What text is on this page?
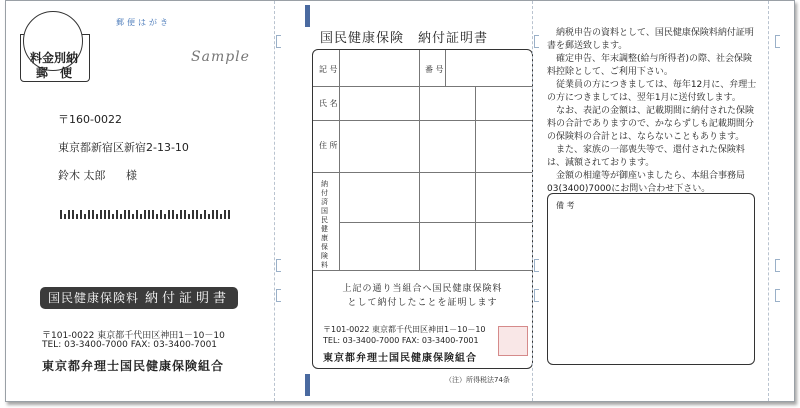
料金別納
郵　便
郵便はがき
Sample
〒160-0022
東京都新宿区新宿2-13-10
鈴木 太郎 様
国民健康保険料 納付証明書
〒101-0022 東京都千代田区神田1－10－10
TEL: 03-3400-7000 FAX: 03-3400-7001
東京都弁理士国民健康保険組合
国民健康保険　納付証明書
記 号	番 号
氏 名
住 所
納付済国民健康保険料
上記の通り当組合へ国民健康保険料
として納付したことを証明します
〒101-0022 東京都千代田区神田1－10－10
TEL: 03-3400-7000 FAX: 03-3400-7001
東京都弁理士国民健康保険組合
（注）所得税法74条

納税申告の資料として、国民健康保険料納付証明書を郵送致します。

確定申告、年末調整(給与所得者)の際、社会保険料控除として、ご利用下さい。

従業員の方につきましては、毎年12月に、弁理士の方につきましては、翌年1月に送付致します。

なお、表記の金額は、記載期間に納付された保険料の合計でありますので、かならずしも記載期間分の保険料の合計とは、ならないこともあります。

また、家族の一部喪失等で、還付された保険料は、減額されております。

金額の相違等が御座いましたら、本組合事務局03(3400)7000にお問い合わせ下さい。

備 考
